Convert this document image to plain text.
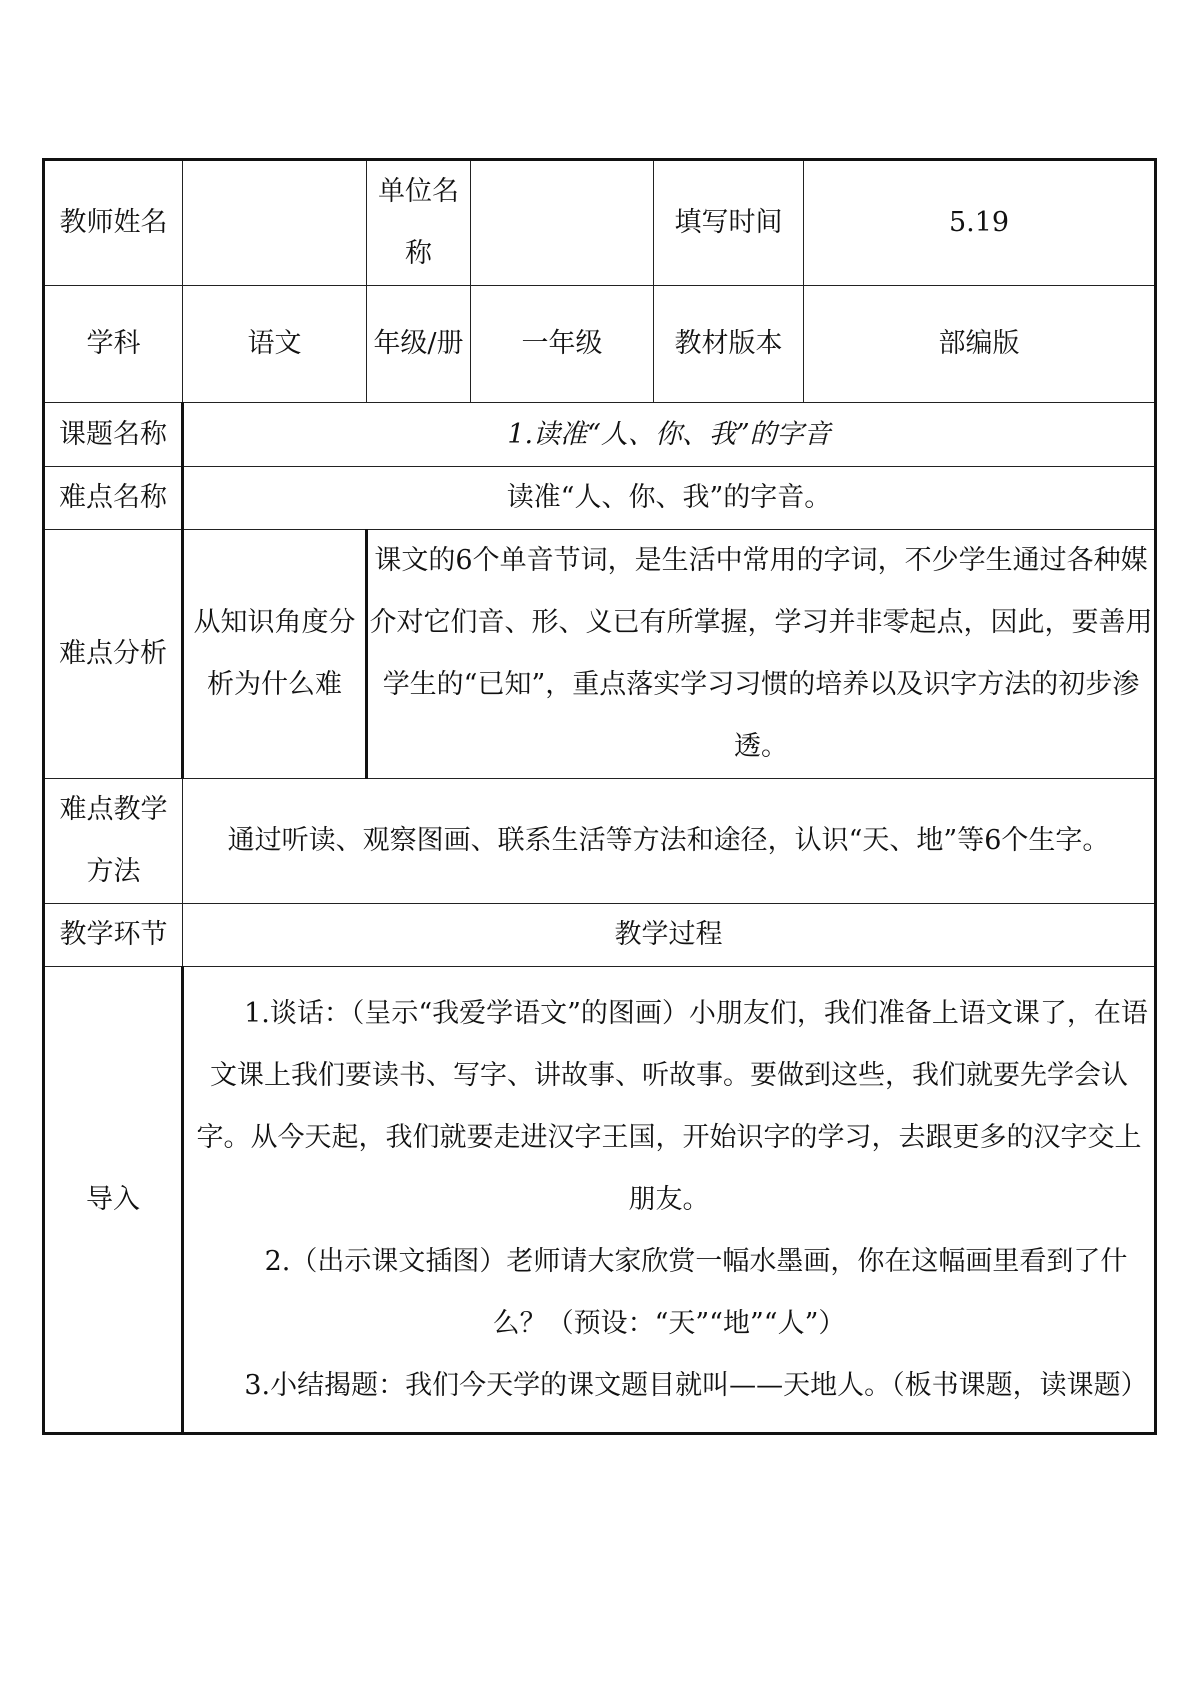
教师姓名		单位名称		填写时间	5.19
学科	语文	年级/册	一年级	教材版本	部编版
课题名称	1.读准“人、你、我”的字音				
难点名称	读准“人、你、我”的字音。				
难点分析	从知识角度分析为什么难	课文的6个单音节词，是生活中常用的字词，不少学生通过各种媒介对它们音、形、义已有所掌握，学习并非零起点，因此，要善用学生的“已知”，重点落实学习习惯的培养以及识字方法的初步渗透。			
难点教学方法	通过听读、观察图画、联系生活等方法和途径，认识“天、地”等6个生字。				
教学环节	教学过程				
导入	1.谈话：（呈示“我爱学语文”的图画）小朋友们，我们准备上语文课了，在语文课上我们要读书、写字、讲故事、听故事。要做到这些，我们就要先学会认字。从今天起，我们就要走进汉字王国，开始识字的学习，去跟更多的汉字交上朋友。

2.（出示课文插图）老师请大家欣赏一幅水墨画，你在这幅画里看到了什么？（预设：“天”“地”“人”）

3.小结揭题：我们今天学的课文题目就叫——天地人。（板书课题，读课题）				
